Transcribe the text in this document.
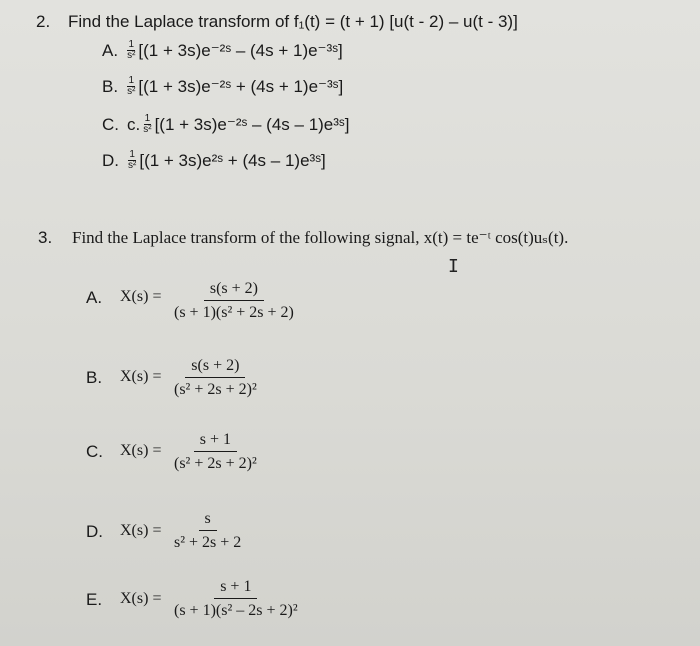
2. Find the Laplace transform of f₁(t) = (t + 1) [u(t - 2) – u(t - 3)]
A. $\frac{1}{\text{s²}} [(1$ + 3s)e⁻²ˢ – (4s + 1)e⁻³ˢ]
B. $\frac{1}{\text{s²}} [(1$ + 3s)e⁻²ˢ + (4s + 1)e⁻³ˢ]
C. c. $\frac{1}{\text{s²}} [(1$ + 3s)e⁻²ˢ – (4s – 1)e³ˢ]
D. $\frac{1}{\text{s²}} [(1$ + 3s)e²ˢ + (4s – 1)e³ˢ]
3. Find the Laplace transform of the following signal, x(t) = te⁻ᵗ cos(t)uₛ(t).
I
A. $X(s) = \frac{s(s + 2)}{\text{(s + 1)(s² + 2s + 2)}}$
B. $X(s) = \frac{s(s + 2)}{\text{(s² + 2s + 2)²}}$
C. $X(s) = \frac{s + 1}{\text{(s² + 2s + 2)²}}$
D. $X(s) = \frac{s}{\text{s² + 2s + 2}}$
E. $X(s) = \frac{s + 1}{\text{(s + 1)(s² – 2s + 2)²}}$
